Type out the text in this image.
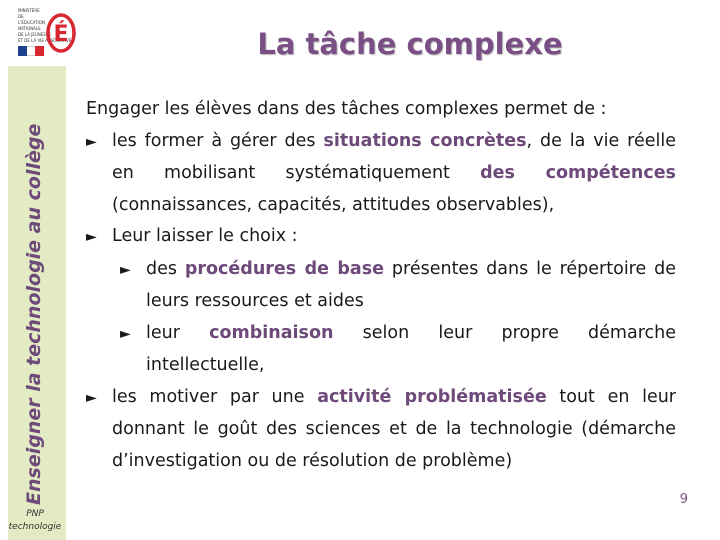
MINISTÈRE
DE
L'ÉDUCATION
NATIONALE
DE LA JEUNESSE
ET DE LA VIE ASSOCIATIVE
É
Enseigner la technologie au collège
PNP technologie
La tâche complexe

Engager les élèves dans des tâches complexes permet de :

► les former à gérer des situations concrètes, de la vie réelle en mobilisant systématiquement des compétences (connaissances, capacités, attitudes observables),

► Leur laisser le choix :

► des procédures de base présentes dans le répertoire de leurs ressources et aides

► leur combinaison selon leur propre démarche intellectuelle,

► les motiver par une activité problématisée tout en leur donnant le goût des sciences et de la technologie (démarche d’investigation ou de résolution de problème)

9
